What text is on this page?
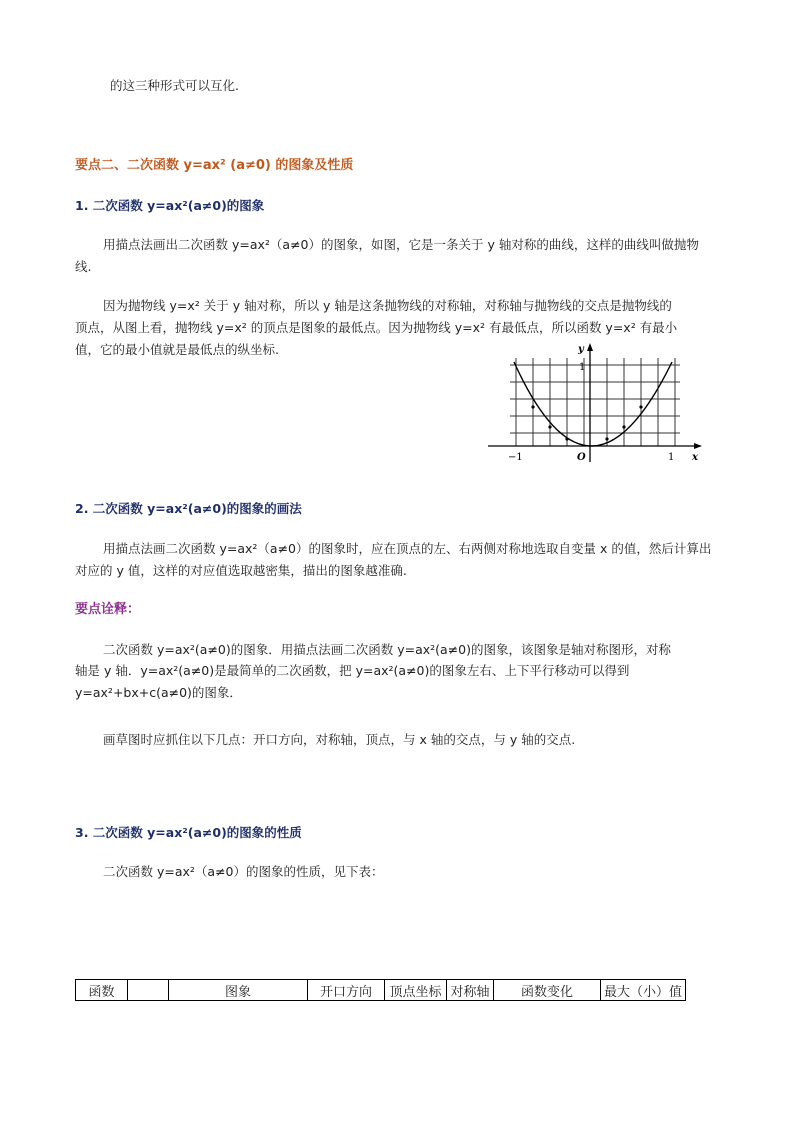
的这三种形式可以互化.
要点二、二次函数 y=ax² (a≠0) 的图象及性质
1. 二次函数 y=ax²(a≠0)的图象
用描点法画出二次函数 y=ax²（a≠0）的图象，如图，它是一条关于 y 轴对称的曲线，这样的曲线叫做抛物线.
因为抛物线 y=x² 关于 y 轴对称，所以 y 轴是这条抛物线的对称轴，对称轴与抛物线的交点是抛物线的
顶点，从图上看，抛物线 y=x² 的顶点是图象的最低点。因为抛物线 y=x² 有最低点，所以函数 y=x² 有最小
值，它的最小值就是最低点的纵坐标.	y
1
−1	O	1 x
2. 二次函数 y=ax²(a≠0)的图象的画法
用描点法画二次函数 y=ax²（a≠0）的图象时，应在顶点的左、右两侧对称地选取自变量 x 的值，然后计算出对应的 y 值，这样的对应值选取越密集，描出的图象越准确.
要点诠释：
二次函数 y=ax²(a≠0)的图象．用描点法画二次函数 y=ax²(a≠0)的图象，该图象是轴对称图形，对称
轴是 y 轴．y=ax²(a≠0)是最简单的二次函数，把 y=ax²(a≠0)的图象左右、上下平行移动可以得到
y=ax²+bx+c(a≠0)的图象．
画草图时应抓住以下几点：开口方向，对称轴，顶点，与 x 轴的交点，与 y 轴的交点.
3. 二次函数 y=ax²(a≠0)的图象的性质
二次函数 y=ax²（a≠0）的图象的性质，见下表：
函数		图象	开口方向	顶点坐标	对称轴	函数变化	最大（小）值
